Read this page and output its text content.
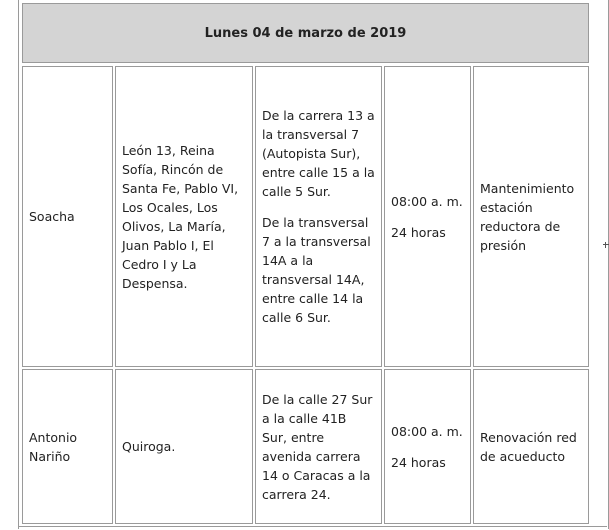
Lunes 04 de marzo de 2019
Soacha
León 13, Reina Sofía, Rincón de Santa Fe, Pablo VI, Los Ocales, Los Olivos, La María, Juan Pablo I, El Cedro I y La Despensa.

De la carrera 13 a la transversal 7 (Autopista Sur), entre calle 15 a la calle 5 Sur.

De la transversal 7 a la transversal 14A a la transversal 14A, entre calle 14 la calle 6 Sur.

08:00 a. m.

24 horas

Mantenimiento estación reductora de presión
Antonio Nariño
Quiroga.
De la calle 27 Sur a la calle 41B Sur, entre avenida carrera 14 o Caracas a la carrera 24.

08:00 a. m.

24 horas

Renovación red de acueducto
